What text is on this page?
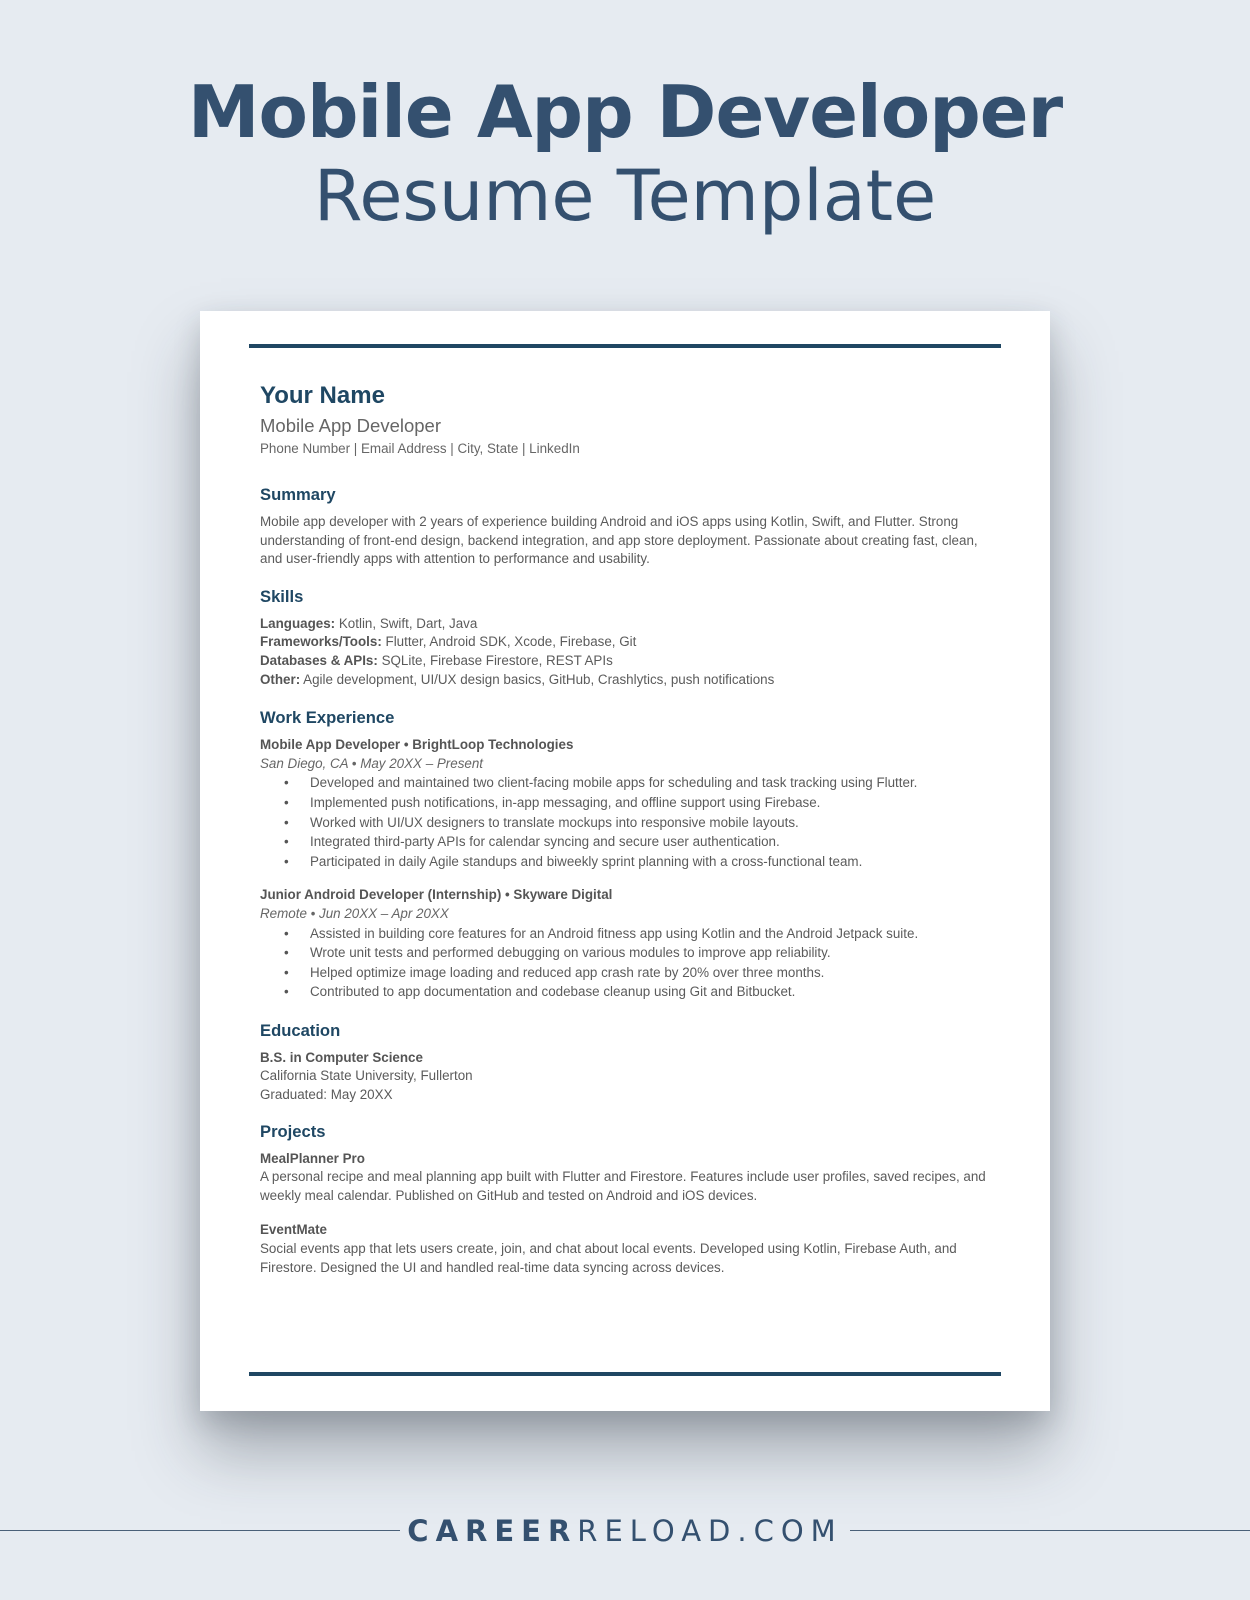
Mobile App Developer
Resume Template

Your Name

Mobile App Developer

Phone Number | Email Address | City, State | LinkedIn

Summary

Mobile app developer with 2 years of experience building Android and iOS apps using Kotlin, Swift, and Flutter. Strong understanding of front-end design, backend integration, and app store deployment. Passionate about creating fast, clean, and user-friendly apps with attention to performance and usability.

Skills

Languages: Kotlin, Swift, Dart, Java

Frameworks/Tools: Flutter, Android SDK, Xcode, Firebase, Git

Databases & APIs: SQLite, Firebase Firestore, REST APIs

Other: Agile development, UI/UX design basics, GitHub, Crashlytics, push notifications

Work Experience

Mobile App Developer • BrightLoop Technologies

San Diego, CA • May 20XX – Present

• Developed and maintained two client-facing mobile apps for scheduling and task tracking using Flutter.
• Implemented push notifications, in-app messaging, and offline support using Firebase.
• Worked with UI/UX designers to translate mockups into responsive mobile layouts.
• Integrated third-party APIs for calendar syncing and secure user authentication.
• Participated in daily Agile standups and biweekly sprint planning with a cross-functional team.

Junior Android Developer (Internship) • Skyware Digital

Remote • Jun 20XX – Apr 20XX

• Assisted in building core features for an Android fitness app using Kotlin and the Android Jetpack suite.
• Wrote unit tests and performed debugging on various modules to improve app reliability.
• Helped optimize image loading and reduced app crash rate by 20% over three months.
• Contributed to app documentation and codebase cleanup using Git and Bitbucket.

Education

B.S. in Computer Science

California State University, Fullerton

Graduated: May 20XX

Projects

MealPlanner Pro

A personal recipe and meal planning app built with Flutter and Firestore. Features include user profiles, saved recipes, and weekly meal calendar. Published on GitHub and tested on Android and iOS devices.

EventMate

Social events app that lets users create, join, and chat about local events. Developed using Kotlin, Firebase Auth, and Firestore. Designed the UI and handled real-time data syncing across devices.

CAREERRELOAD.COM
